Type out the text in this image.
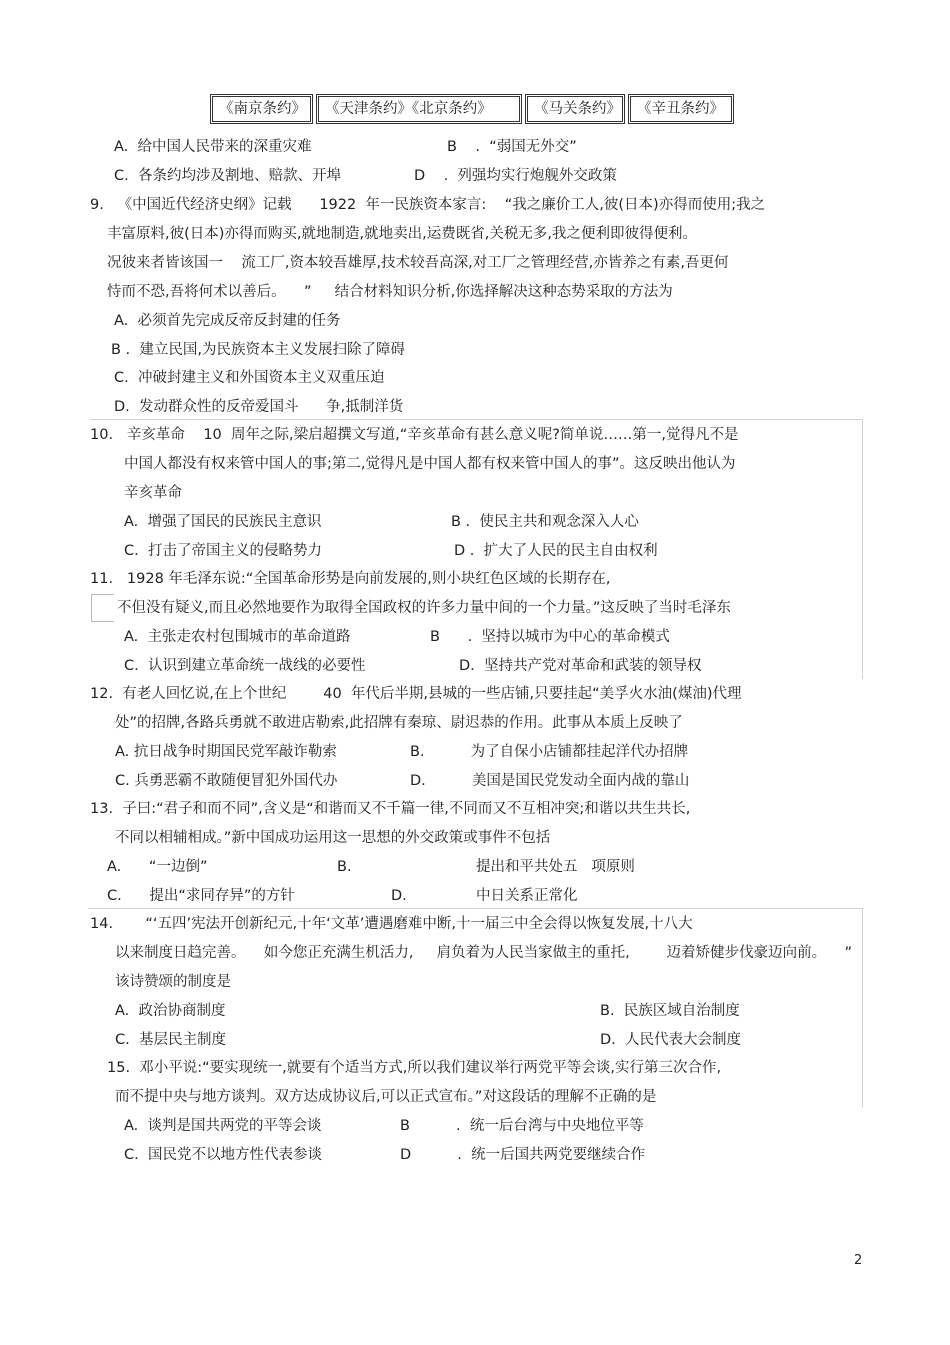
《南京条约》	《天津条约》《北京条约》	《马关条约》	《辛丑条约》
A.  给中国人民带来的深重灾难	B    .  “弱国无外交”
C.  各条约均涉及割地、赔款、开埠	D    .  列强均实行炮舰外交政策
9.   《中国近代经济史纲》记载      1922  年一民族资本家言:    “我之廉价工人,彼(日本)亦得而使用;我之
丰富原料,彼(日本)亦得而购买,就地制造,就地卖出,运费既省,关税无多,我之便利即彼得便利。
况彼来者皆该国一    流工厂,资本较吾雄厚,技术较吾高深,对工厂之管理经营,亦皆养之有素,吾更何
恃而不恐,吾将何术以善后。    ”     结合材料知识分析,你选择解决这种态势采取的方法为
A.  必须首先完成反帝反封建的任务
B .  建立民国,为民族资本主义发展扫除了障碍
C.  冲破封建主义和外国资本主义双重压迫
D.  发动群众性的反帝爱国斗      争,抵制洋货
10.   辛亥革命    10  周年之际,梁启超撰文写道,“辛亥革命有甚么意义呢?简单说……第一,觉得凡不是
中国人都没有权来管中国人的事;第二,觉得凡是中国人都有权来管中国人的事”。这反映出他认为
辛亥革命
A.  增强了国民的民族民主意识	B .  使民主共和观念深入人心
C.  打击了帝国主义的侵略势力	D .  扩大了人民的民主自由权利
11.   1928 年毛泽东说:“全国革命形势是向前发展的,则小块红色区域的长期存在,
不但没有疑义,而且必然地要作为取得全国政权的许多力量中间的一个力量。”这反映了当时毛泽东
A.  主张走农村包围城市的革命道路	B      .  坚持以城市为中心的革命模式
C.  认识到建立革命统一战线的必要性	D.  坚持共产党对革命和武装的领导权
12.  有老人回忆说,在上个世纪        40  年代后半期,县城的一些店铺,只要挂起“美孚火水油(煤油)代理
处”的招牌,各路兵勇就不敢进店勒索,此招牌有秦琼、尉迟恭的作用。此事从本质上反映了
A. 抗日战争时期国民党军敲诈勒索	B.          为了自保小店铺都挂起洋代办招牌
C. 兵勇恶霸不敢随便冒犯外国代办	D.          美国是国民党发动全面内战的靠山
13.  子曰:“君子和而不同”,含义是“和谐而又不千篇一律,不同而又不互相冲突;和谐以共生共长,
不同以相辅相成。”新中国成功运用这一思想的外交政策或事件不包括
A.      “一边倒”	B.	提出和平共处五   项原则
C.      提出“求同存异”的方针	D.	中日关系正常化
14.       “‘五四’宪法开创新纪元,十年‘文革’遭遇磨难中断,十一届三中全会得以恢复发展,十八大
以来制度日趋完善。    如今您正充满生机活力,     肩负着为人民当家做主的重托,        迈着矫健步伐豪迈向前。    ”
该诗赞颂的制度是
A.  政治协商制度	B.  民族区域自治制度
C.  基层民主制度	D.  人民代表大会制度
15.  邓小平说:“要实现统一,就要有个适当方式,所以我们建议举行两党平等会谈,实行第三次合作,
而不提中央与地方谈判。双方达成协议后,可以正式宣布。”对这段话的理解不正确的是
A.  谈判是国共两党的平等会谈	B          .  统一后台湾与中央地位平等
C.  国民党不以地方性代表参谈	D          .  统一后国共两党要继续合作
2
